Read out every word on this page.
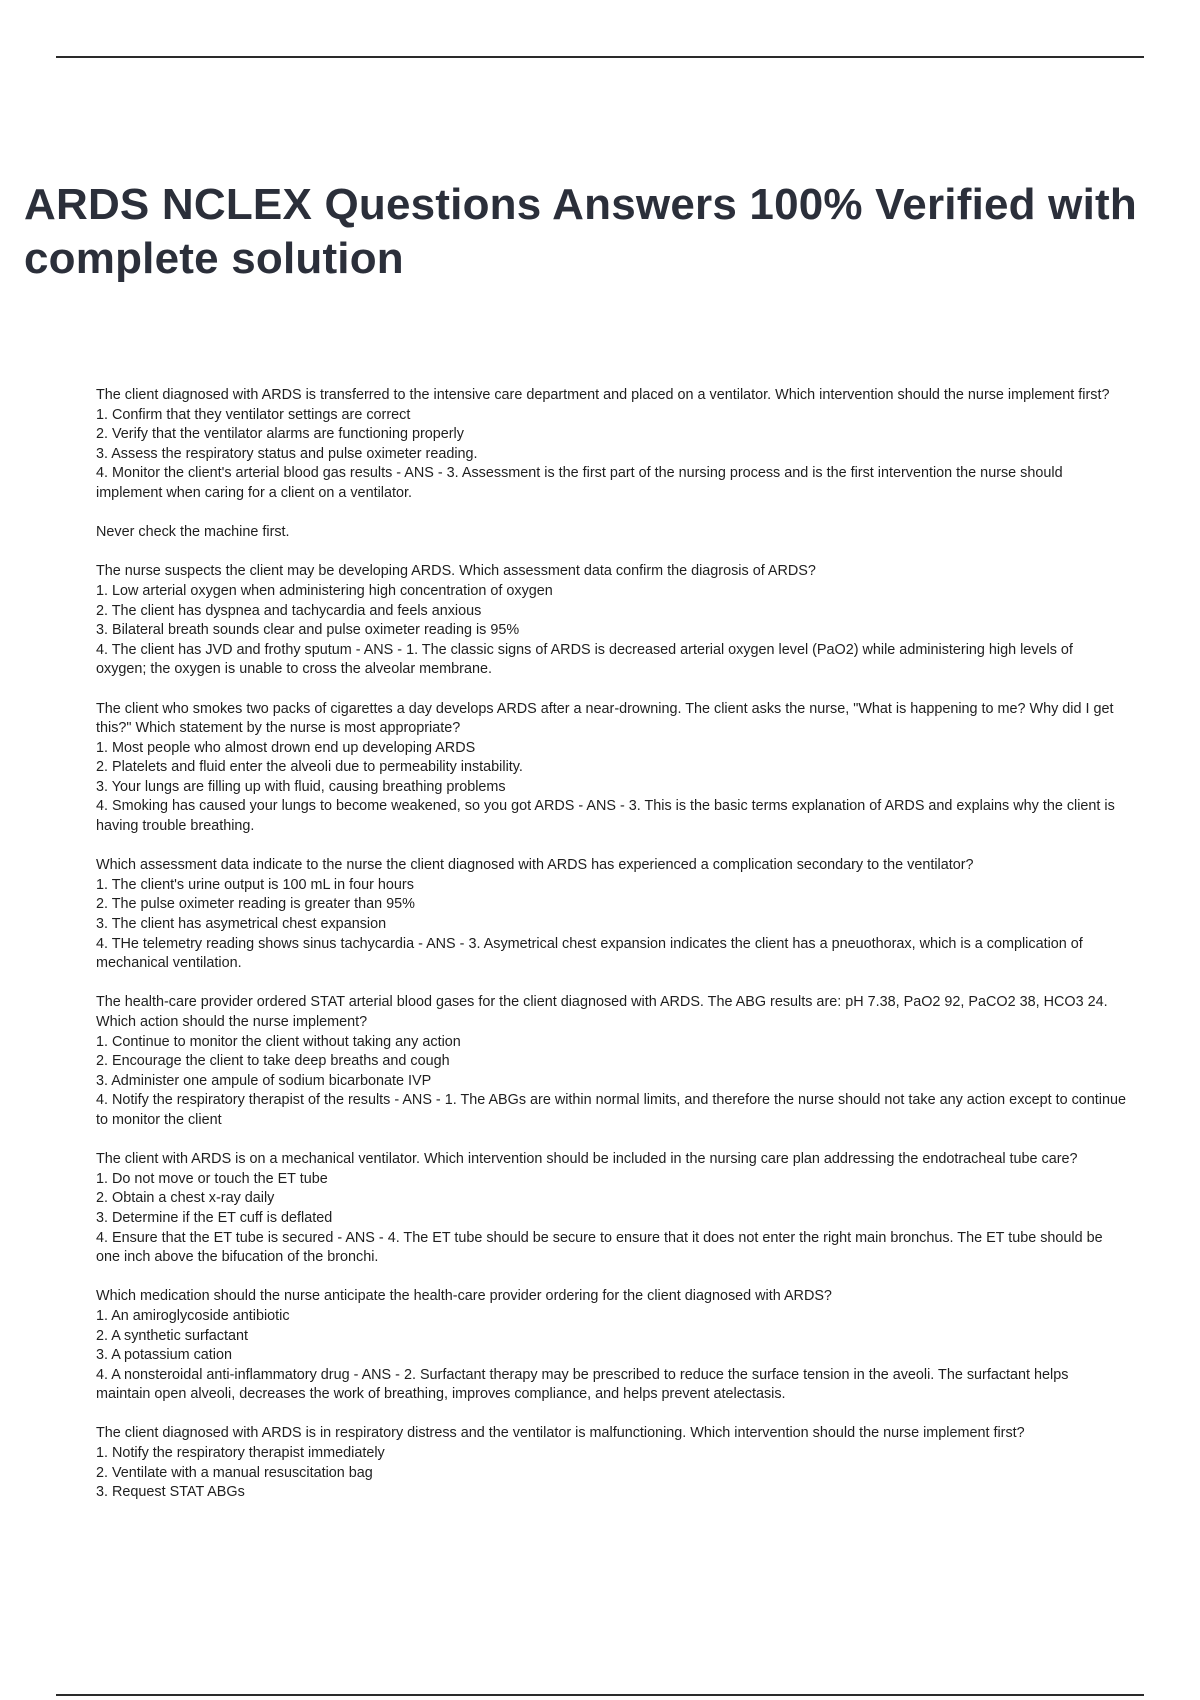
ARDS NCLEX Questions Answers 100% Verified with complete solution

The client diagnosed with ARDS is transferred to the intensive care department and placed on a ventilator. Which intervention should the nurse implement first?

1. Confirm that they ventilator settings are correct
2. Verify that the ventilator alarms are functioning properly
3. Assess the respiratory status and pulse oximeter reading.
4. Monitor the client's arterial blood gas results - ANS - 3. Assessment is the first part of the nursing process and is the first intervention the nurse should implement when caring for a client on a ventilator.

Never check the machine first.

The nurse suspects the client may be developing ARDS. Which assessment data confirm the diagrosis of ARDS?

1. Low arterial oxygen when administering high concentration of oxygen
2. The client has dyspnea and tachycardia and feels anxious
3. Bilateral breath sounds clear and pulse oximeter reading is 95%
4. The client has JVD and frothy sputum - ANS - 1. The classic signs of ARDS is decreased arterial oxygen level (PaO2) while administering high levels of oxygen; the oxygen is unable to cross the alveolar membrane.

The client who smokes two packs of cigarettes a day develops ARDS after a near-drowning. The client asks the nurse, "What is happening to me? Why did I get this?" Which statement by the nurse is most appropriate?

1. Most people who almost drown end up developing ARDS
2. Platelets and fluid enter the alveoli due to permeability instability.
3. Your lungs are filling up with fluid, causing breathing problems
4. Smoking has caused your lungs to become weakened, so you got ARDS - ANS - 3. This is the basic terms explanation of ARDS and explains why the client is having trouble breathing.

Which assessment data indicate to the nurse the client diagnosed with ARDS has experienced a complication secondary to the ventilator?

1. The client's urine output is 100 mL in four hours
2. The pulse oximeter reading is greater than 95%
3. The client has asymetrical chest expansion
4. THe telemetry reading shows sinus tachycardia - ANS - 3. Asymetrical chest expansion indicates the client has a pneuothorax, which is a complication of mechanical ventilation.

The health-care provider ordered STAT arterial blood gases for the client diagnosed with ARDS. The ABG results are: pH 7.38, PaO2 92, PaCO2 38, HCO3 24. Which action should the nurse implement?

1. Continue to monitor the client without taking any action
2. Encourage the client to take deep breaths and cough
3. Administer one ampule of sodium bicarbonate IVP
4. Notify the respiratory therapist of the results - ANS - 1. The ABGs are within normal limits, and therefore the nurse should not take any action except to continue to monitor the client

The client with ARDS is on a mechanical ventilator. Which intervention should be included in the nursing care plan addressing the endotracheal tube care?

1. Do not move or touch the ET tube
2. Obtain a chest x-ray daily
3. Determine if the ET cuff is deflated
4. Ensure that the ET tube is secured - ANS - 4. The ET tube should be secure to ensure that it does not enter the right main bronchus. The ET tube should be one inch above the bifucation of the bronchi.

Which medication should the nurse anticipate the health-care provider ordering for the client diagnosed with ARDS?

1. An amiroglycoside antibiotic
2. A synthetic surfactant
3. A potassium cation
4. A nonsteroidal anti-inflammatory drug - ANS - 2. Surfactant therapy may be prescribed to reduce the surface tension in the aveoli. The surfactant helps maintain open alveoli, decreases the work of breathing, improves compliance, and helps prevent atelectasis.

The client diagnosed with ARDS is in respiratory distress and the ventilator is malfunctioning. Which intervention should the nurse implement first?

1. Notify the respiratory therapist immediately
2. Ventilate with a manual resuscitation bag
3. Request STAT ABGs
